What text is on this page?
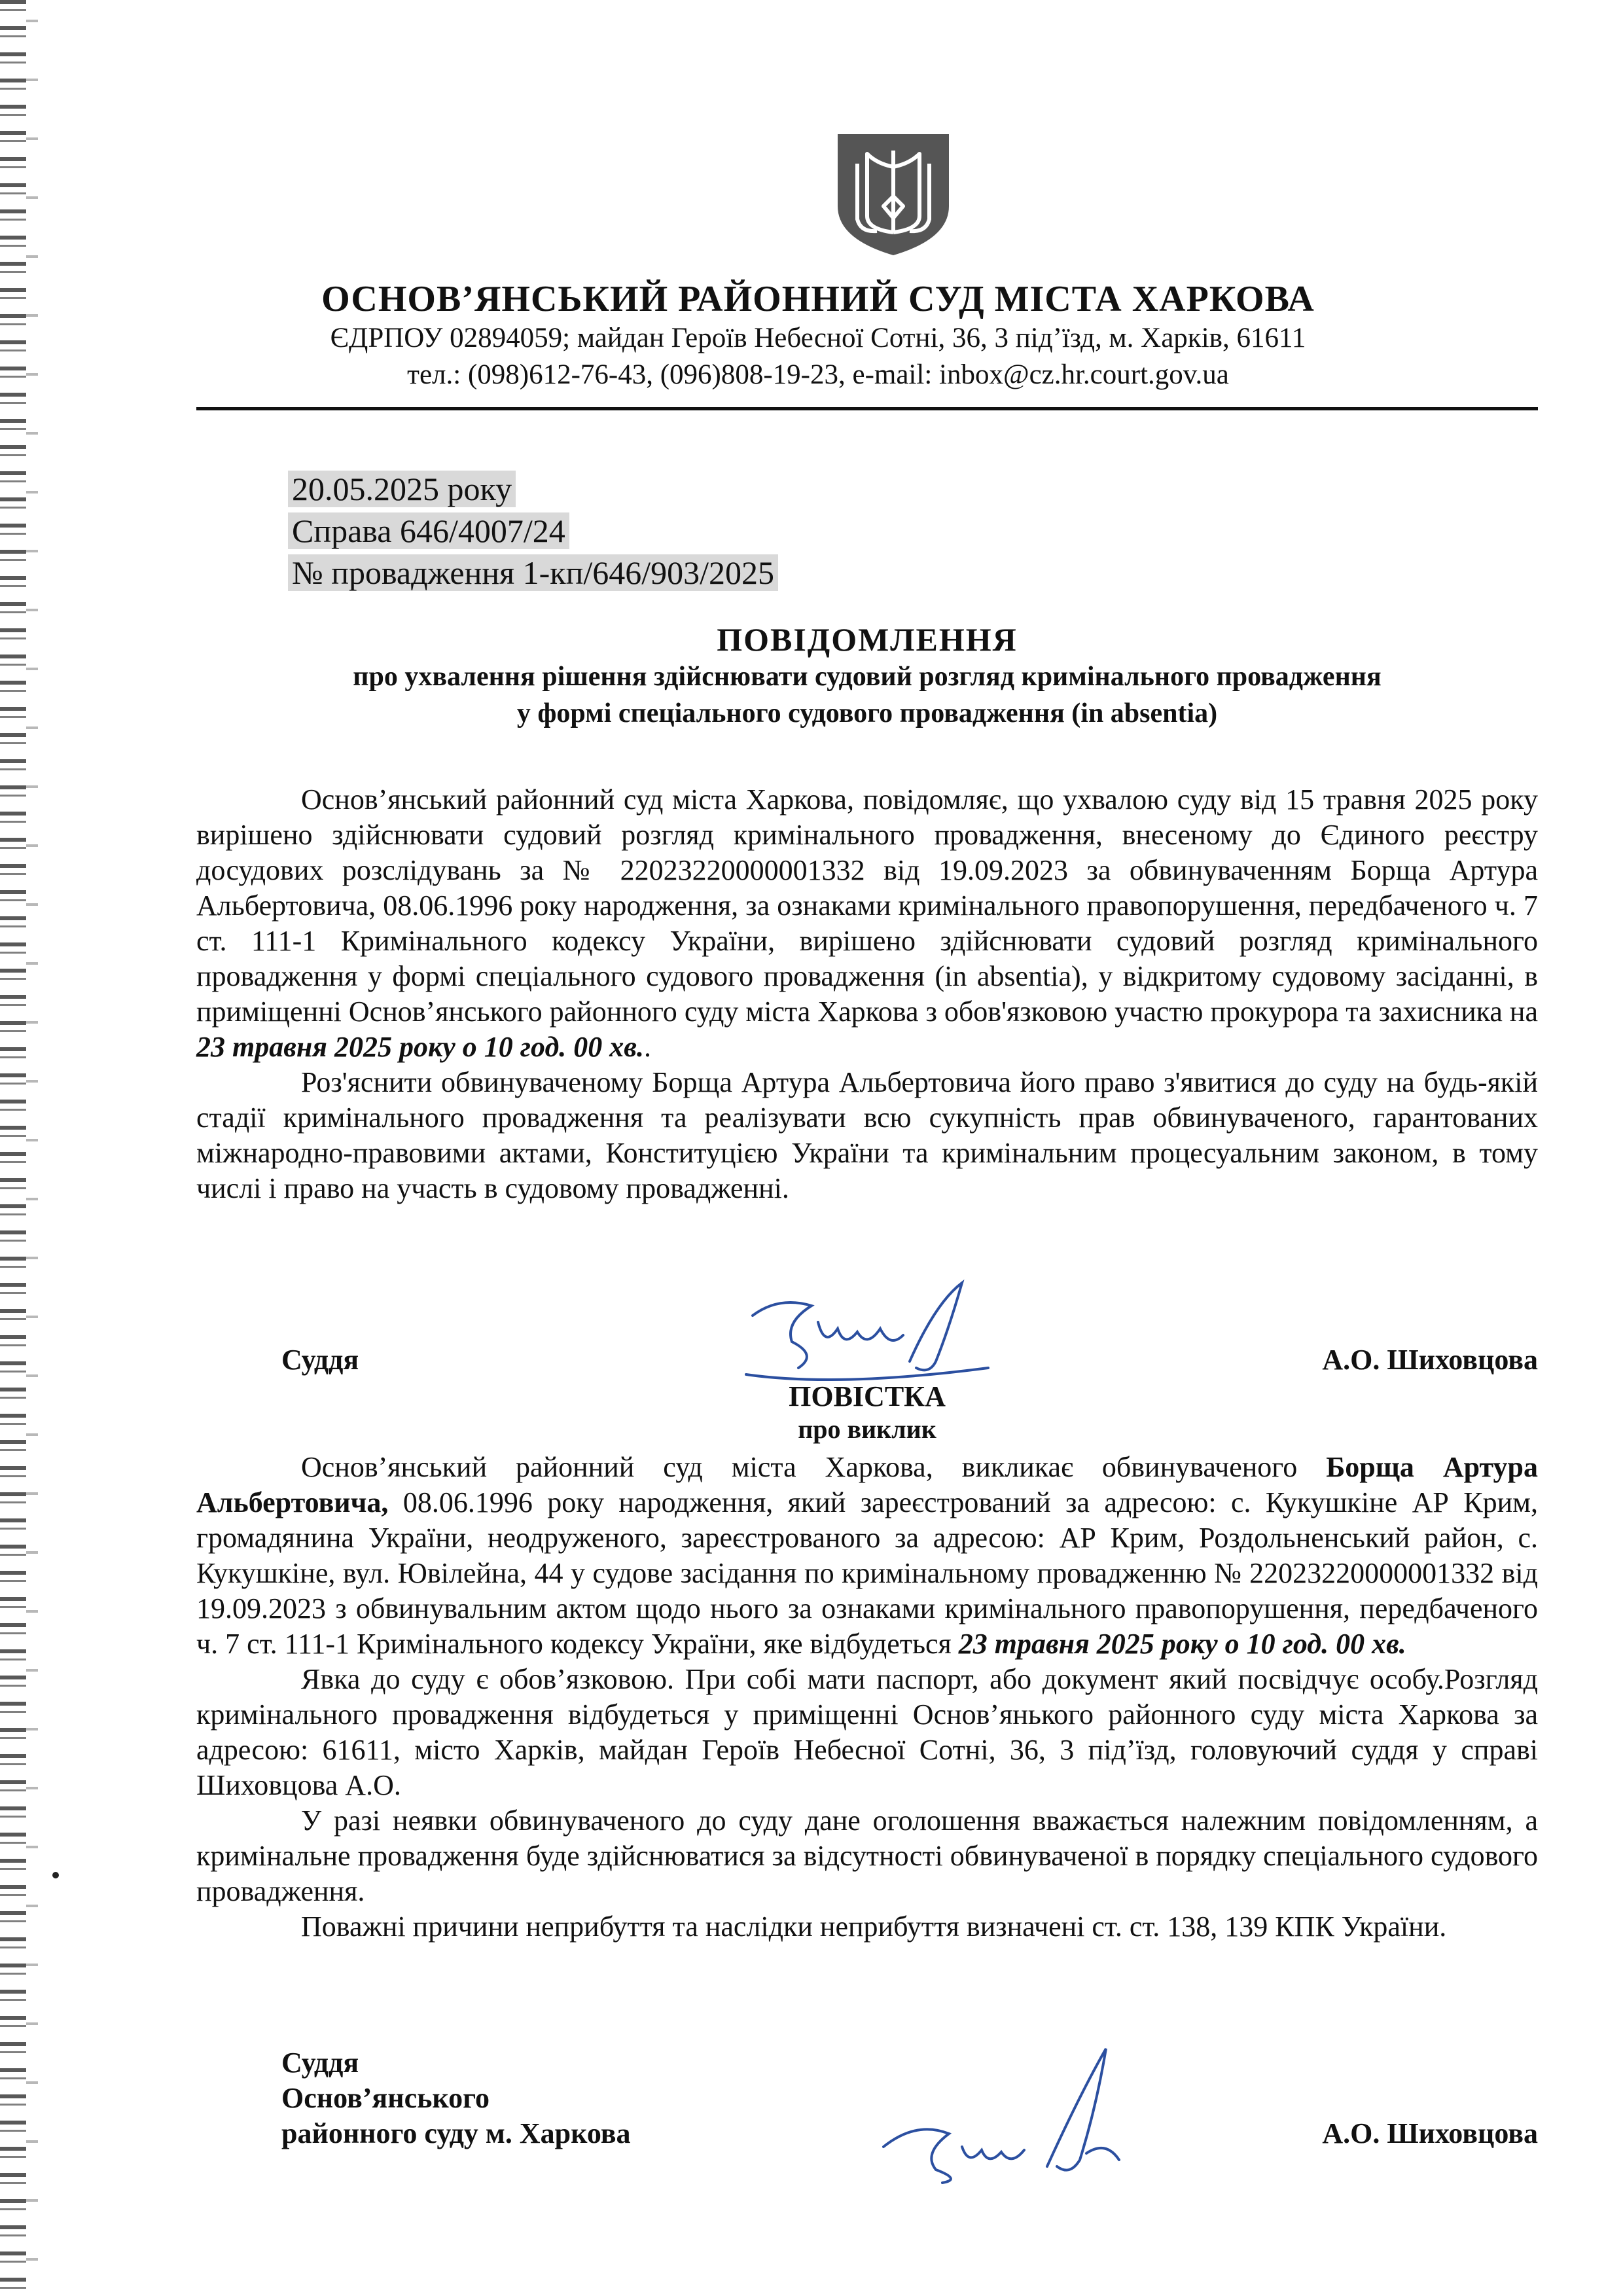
ОСНОВ’ЯНСЬКИЙ РАЙОННИЙ СУД МІСТА ХАРКОВА
ЄДРПОУ 02894059; майдан Героїв Небесної Сотні, 36, 3 під’їзд, м. Харків, 61611
тел.: (098)612-76-43, (096)808-19-23, e-mail: inbox@cz.hr.court.gov.ua
20.05.2025 року
Справа 646/4007/24
№ провадження 1-кп/646/903/2025
ПОВІДОМЛЕННЯ
про ухвалення рішення здійснювати судовий розгляд кримінального провадження
у формі спеціального судового провадження (in absentia)

Основ’янський районний суд міста Харкова, повідомляє, що ухвалою суду від 15 травня 2025 року вирішено здійснювати судовий розгляд кримінального провадження, внесеному до Єдиного реєстру досудових розслідувань за № 22023220000001332 від 19.09.2023 за обвинуваченням Борща Артура Альбертовича, 08.06.1996 року народження, за ознаками кримінального правопорушення, передбаченого ч. 7 ст. 111-1 Кримінального кодексу України, вирішено здійснювати судовий розгляд кримінального провадження у формі спеціального судового провадження (in absentia), у відкритому судовому засіданні, в приміщенні Основ’янського районного суду міста Харкова з обов'язковою участю прокурора та захисника на 23 травня 2025 року о 10 год. 00 хв..

Роз'яснити обвинуваченому Борща Артура Альбертовича його право з'явитися до суду на будь-якій стадії кримінального провадження та реалізувати всю сукупність прав обвинуваченого, гарантованих міжнародно-правовими актами, Конституцією України та кримінальним процесуальним законом, в тому числі і право на участь в судовому провадженні.

Суддя	А.О. Шиховцова
ПОВІСТКА
про виклик

Основ’янський районний суд міста Харкова, викликає обвинуваченого Борща Артура Альбертовича, 08.06.1996 року народження, який зареєстрований за адресою: с. Кукушкіне АР Крим, громадянина України, неодруженого, зареєстрованого за адресою: АР Крим, Роздольненський район, с. Кукушкіне, вул. Ювілейна, 44 у судове засідання по кримінальному провадженню № 22023220000001332 від 19.09.2023 з обвинувальним актом щодо нього за ознаками кримінального правопорушення, передбаченого ч. 7 ст. 111-1 Кримінального кодексу України, яке відбудеться 23 травня 2025 року о 10 год. 00 хв.

Явка до суду є обов’язковою. При собі мати паспорт, або документ який посвідчує особу.Розгляд кримінального провадження відбудеться у приміщенні Основ’янького районного суду міста Харкова за адресою: 61611, місто Харків, майдан Героїв Небесної Сотні, 36, 3 під’їзд, головуючий суддя у справі Шиховцова А.О.

У разі неявки обвинуваченого до суду дане оголошення вважається належним повідомленням, а кримінальне провадження буде здійснюватися за відсутності обвинуваченої в порядку спеціального судового провадження.

Поважні причини неприбуття та наслідки неприбуття визначені ст. ст. 138, 139 КПК України.

Суддя
Основ’янського
районного суду м. Харкова	А.О. Шиховцова
